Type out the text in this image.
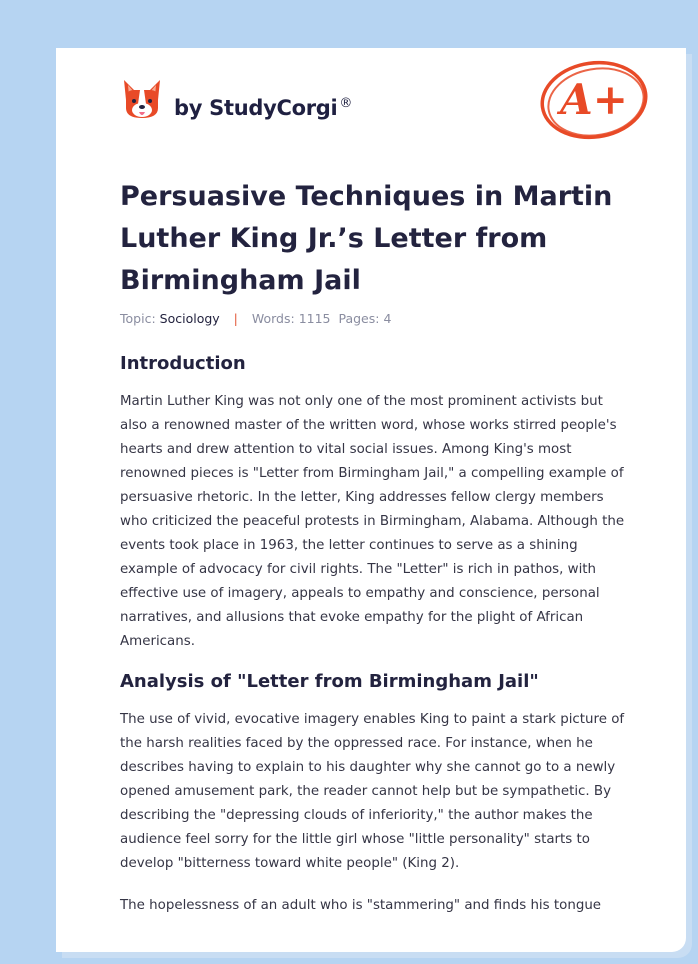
by StudyCorgi ®	A+
Persuasive Techniques in Martin Luther King Jr.’s Letter from Birmingham Jail
Topic: Sociology | Words: 1115 Pages: 4
Introduction

Martin Luther King was not only one of the most prominent activists but also a renowned master of the written word, whose works stirred people's hearts and drew attention to vital social issues. Among King's most renowned pieces is "Letter from Birmingham Jail," a compelling example of persuasive rhetoric. In the letter, King addresses fellow clergy members who criticized the peaceful protests in Birmingham, Alabama. Although the events took place in 1963, the letter continues to serve as a shining example of advocacy for civil rights. The "Letter" is rich in pathos, with effective use of imagery, appeals to empathy and conscience, personal narratives, and allusions that evoke empathy for the plight of African Americans.

Analysis of "Letter from Birmingham Jail"

The use of vivid, evocative imagery enables King to paint a stark picture of the harsh realities faced by the oppressed race. For instance, when he describes having to explain to his daughter why she cannot go to a newly opened amusement park, the reader cannot help but be sympathetic. By describing the "depressing clouds of inferiority," the author makes the audience feel sorry for the little girl whose "little personality" starts to develop "bitterness toward white people" (King 2).

The hopelessness of an adult who is "stammering" and finds his tongue
